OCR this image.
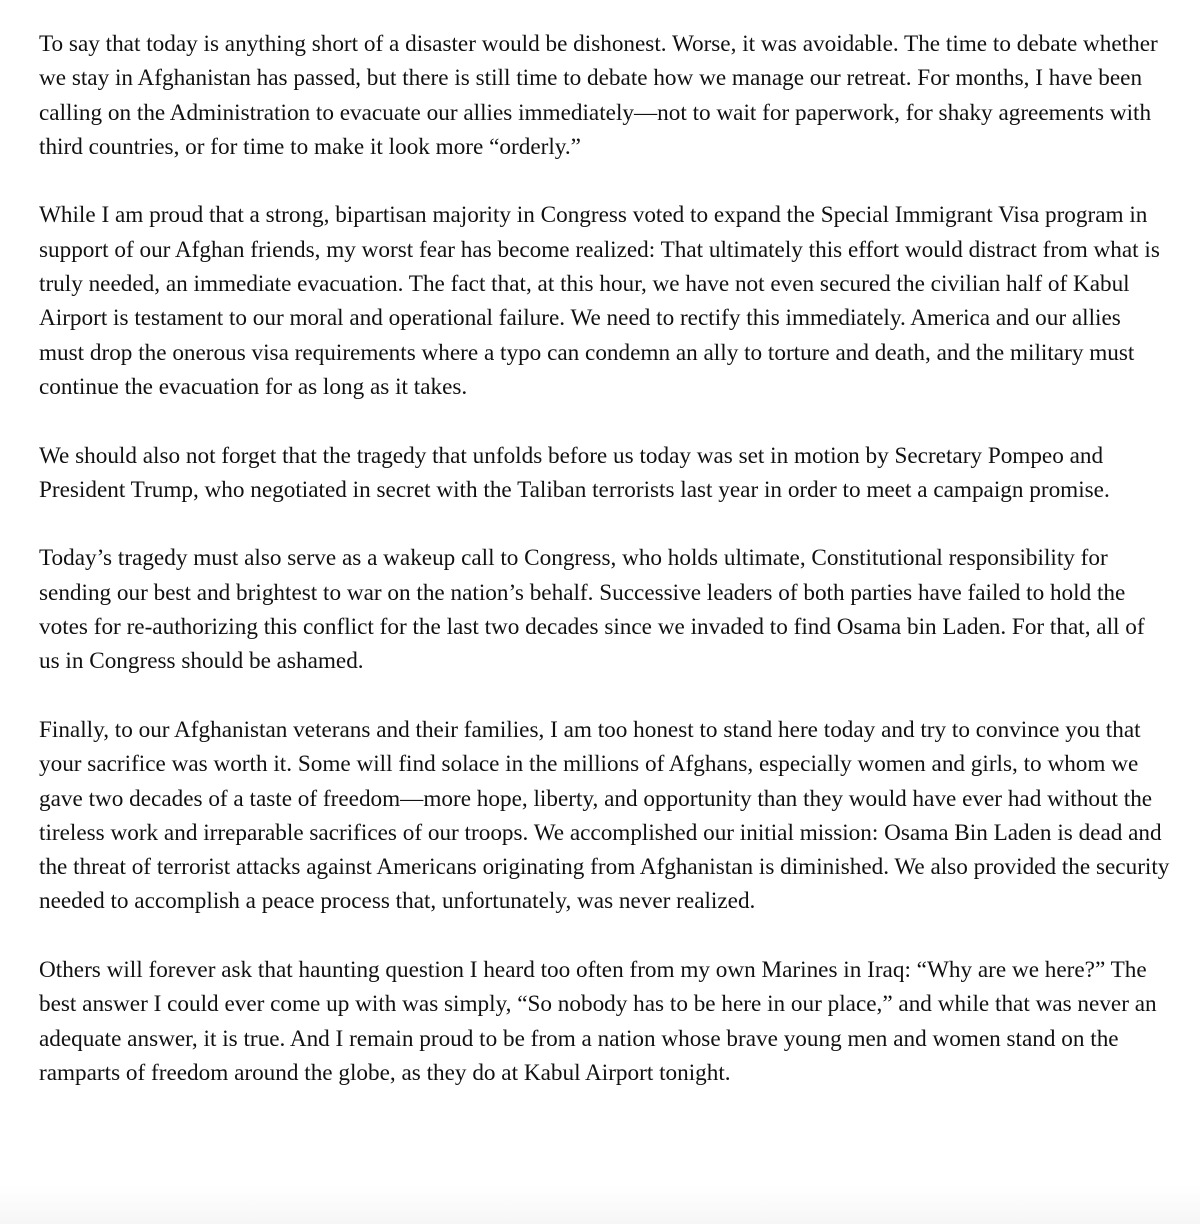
To say that today is anything short of a disaster would be dishonest. Worse, it was avoidable. The time to debate whether we stay in Afghanistan has passed, but there is still time to debate how we manage our retreat. For months, I have been calling on the Administration to evacuate our allies immediately—not to wait for paperwork, for shaky agreements with third countries, or for time to make it look more “orderly.”

While I am proud that a strong, bipartisan majority in Congress voted to expand the Special Immigrant Visa program in support of our Afghan friends, my worst fear has become realized: That ultimately this effort would distract from what is truly needed, an immediate evacuation. The fact that, at this hour, we have not even secured the civilian half of Kabul Airport is testament to our moral and operational failure. We need to rectify this immediately. America and our allies must drop the onerous visa requirements where a typo can condemn an ally to torture and death, and the military must continue the evacuation for as long as it takes.

We should also not forget that the tragedy that unfolds before us today was set in motion by Secretary Pompeo and President Trump, who negotiated in secret with the Taliban terrorists last year in order to meet a campaign promise.

Today’s tragedy must also serve as a wakeup call to Congress, who holds ultimate, Constitutional responsibility for sending our best and brightest to war on the nation’s behalf. Successive leaders of both parties have failed to hold the votes for re-authorizing this conflict for the last two decades since we invaded to find Osama bin Laden. For that, all of us in Congress should be ashamed.

Finally, to our Afghanistan veterans and their families, I am too honest to stand here today and try to convince you that your sacrifice was worth it. Some will find solace in the millions of Afghans, especially women and girls, to whom we gave two decades of a taste of freedom—more hope, liberty, and opportunity than they would have ever had without the tireless work and irreparable sacrifices of our troops. We accomplished our initial mission: Osama Bin Laden is dead and the threat of terrorist attacks against Americans originating from Afghanistan is diminished. We also provided the security needed to accomplish a peace process that, unfortunately, was never realized.

Others will forever ask that haunting question I heard too often from my own Marines in Iraq: “Why are we here?” The best answer I could ever come up with was simply, “So nobody has to be here in our place,” and while that was never an adequate answer, it is true. And I remain proud to be from a nation whose brave young men and women stand on the ramparts of freedom around the globe, as they do at Kabul Airport tonight.
